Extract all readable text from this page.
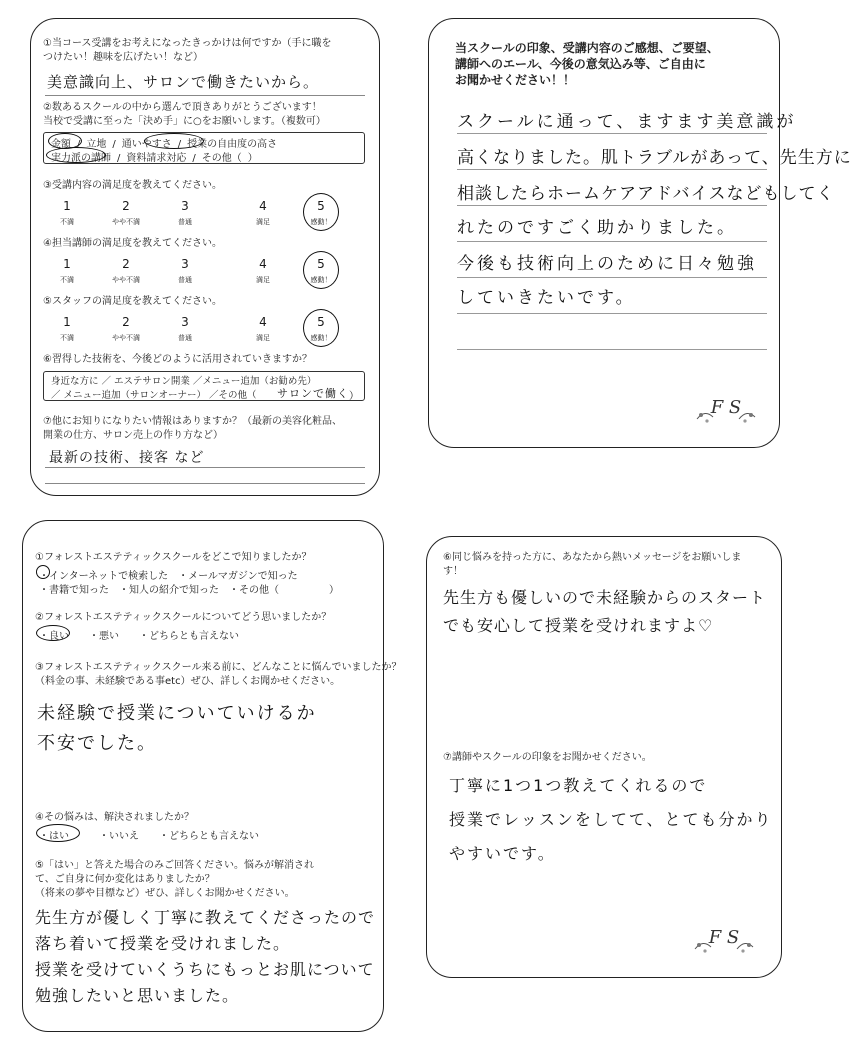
①当コース受講をお考えになったきっかけは何ですか（手に職を
つけたい！趣味を広げたい！など）
美意識向上、サロンで働きたいから。
②数あるスクールの中から選んで頂きありがとうございます！
当校で受講に至った「決め手」に○をお願いします。（複数可）
金額 / 立地 / 通いやすさ / 授業の自由度の高さ
実力派の講師 / 資料請求対応 / その他（ ）
③受講内容の満足度を教えてください。
1
不満
2
やや不満
3
普通
4
満足
5
感動！
④担当講師の満足度を教えてください。
1
不満
2
やや不満
3
普通
4
満足
5
感動！
⑤スタッフの満足度を教えてください。
1
不満
2
やや不満
3
普通
4
満足
5
感動！
⑥習得した技術を、今後どのように活用されていきますか？
身近な方に ／ エステサロン開業 ／メニュー追加（お勧め先）
／ メニュー追加（サロンオーナー） ／その他（ サロンで働く ）
⑦他にお知りになりたい情報はありますか？（最新の美容化粧品、
開業の仕方、サロン売上の作り方など）
最新の技術、接客 など
当スクールの印象、受講内容のご感想、ご要望、
講師へのエール、今後の意気込み等、ご自由に
お聞かせください！！
スクールに通って、ますます美意識が
高くなりました。肌トラブルがあって、先生方に
相談したらホームケアアドバイスなどもしてく
れたのですごく助かりました。
今後も技術向上のために日々勉強
していきたいです。
F S
①フォレストエステティックスクールをどこで知りましたか？
・インターネットで検索した　・メールマガジンで知った
・書籍で知った　・知人の紹介で知った　・その他（　　　　　）
②フォレストエステティックスクールについてどう思いましたか？
・良い　　・悪い　　・どちらとも言えない
③フォレストエステティックスクール来る前に、どんなことに悩んでいましたか？
（料金の事、未経験である事etc）ぜひ、詳しくお聞かせください。
未経験で授業についていけるか
不安でした。
④その悩みは、解決されましたか？
・はい　　　・いいえ　　・どちらとも言えない
⑤「はい」と答えた場合のみご回答ください。悩みが解消され
て、ご自身に何か変化はありましたか？
（将来の夢や目標など）ぜひ、詳しくお聞かせください。
先生方が優しく丁寧に教えてくださったので
落ち着いて授業を受けれました。
授業を受けていくうちにもっとお肌について
勉強したいと思いました。
⑥同じ悩みを持った方に、あなたから熱いメッセージをお願いしま
す！
先生方も優しいので未経験からのスタート
でも安心して授業を受けれますよ♡
⑦講師やスクールの印象をお聞かせください。
丁寧に1つ1つ教えてくれるので
授業でレッスンをしてて、とても分かり
やすいです。
F S
